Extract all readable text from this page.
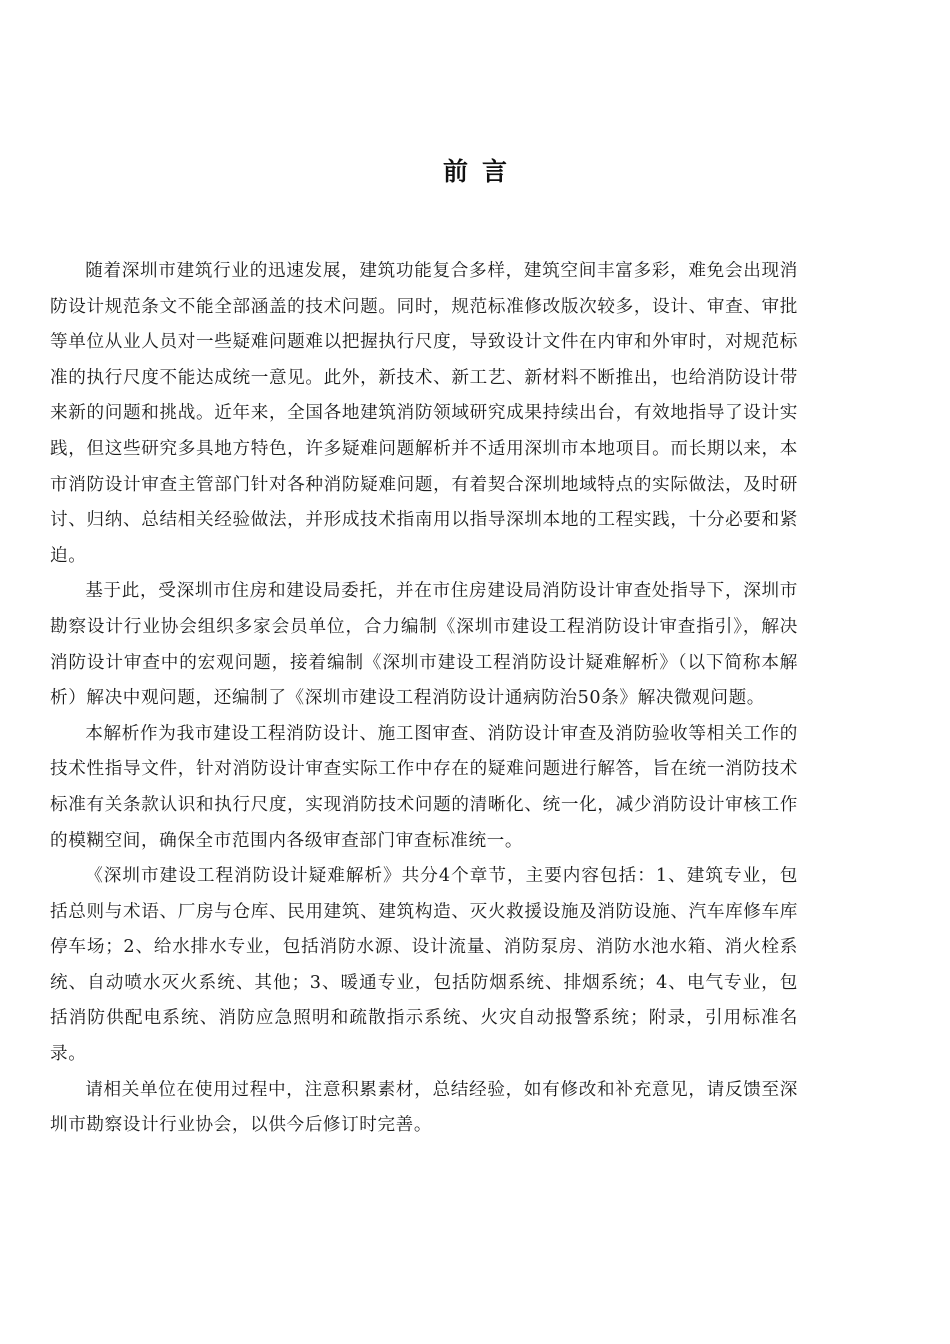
前言

随着深圳市建筑行业的迅速发展，建筑功能复合多样，建筑空间丰富多彩，难免会出现消防设计规范条文不能全部涵盖的技术问题。同时，规范标准修改版次较多，设计、审查、审批等单位从业人员对一些疑难问题难以把握执行尺度，导致设计文件在内审和外审时，对规范标准的执行尺度不能达成统一意见。此外，新技术、新工艺、新材料不断推出，也给消防设计带来新的问题和挑战。近年来，全国各地建筑消防领域研究成果持续出台，有效地指导了设计实践，但这些研究多具地方特色，许多疑难问题解析并不适用深圳市本地项目。而长期以来，本市消防设计审查主管部门针对各种消防疑难问题，有着契合深圳地域特点的实际做法，及时研讨、归纳、总结相关经验做法，并形成技术指南用以指导深圳本地的工程实践，十分必要和紧迫。

基于此，受深圳市住房和建设局委托，并在市住房建设局消防设计审查处指导下，深圳市勘察设计行业协会组织多家会员单位，合力编制《深圳市建设工程消防设计审查指引》，解决消防设计审查中的宏观问题，接着编制《深圳市建设工程消防设计疑难解析》（以下简称本解析）解决中观问题，还编制了《深圳市建设工程消防设计通病防治50条》解决微观问题。

本解析作为我市建设工程消防设计、施工图审查、消防设计审查及消防验收等相关工作的技术性指导文件，针对消防设计审查实际工作中存在的疑难问题进行解答，旨在统一消防技术标准有关条款认识和执行尺度，实现消防技术问题的清晰化、统一化，减少消防设计审核工作的模糊空间，确保全市范围内各级审查部门审查标准统一。

《深圳市建设工程消防设计疑难解析》共分4个章节，主要内容包括：1、建筑专业，包括总则与术语、厂房与仓库、民用建筑、建筑构造、灭火救援设施及消防设施、汽车库修车库停车场；2、给水排水专业，包括消防水源、设计流量、消防泵房、消防水池水箱、消火栓系统、自动喷水灭火系统、其他；3、暖通专业，包括防烟系统、排烟系统；4、电气专业，包括消防供配电系统、消防应急照明和疏散指示系统、火灾自动报警系统；附录，引用标准名录。

请相关单位在使用过程中，注意积累素材，总结经验，如有修改和补充意见，请反馈至深圳市勘察设计行业协会，以供今后修订时完善。
